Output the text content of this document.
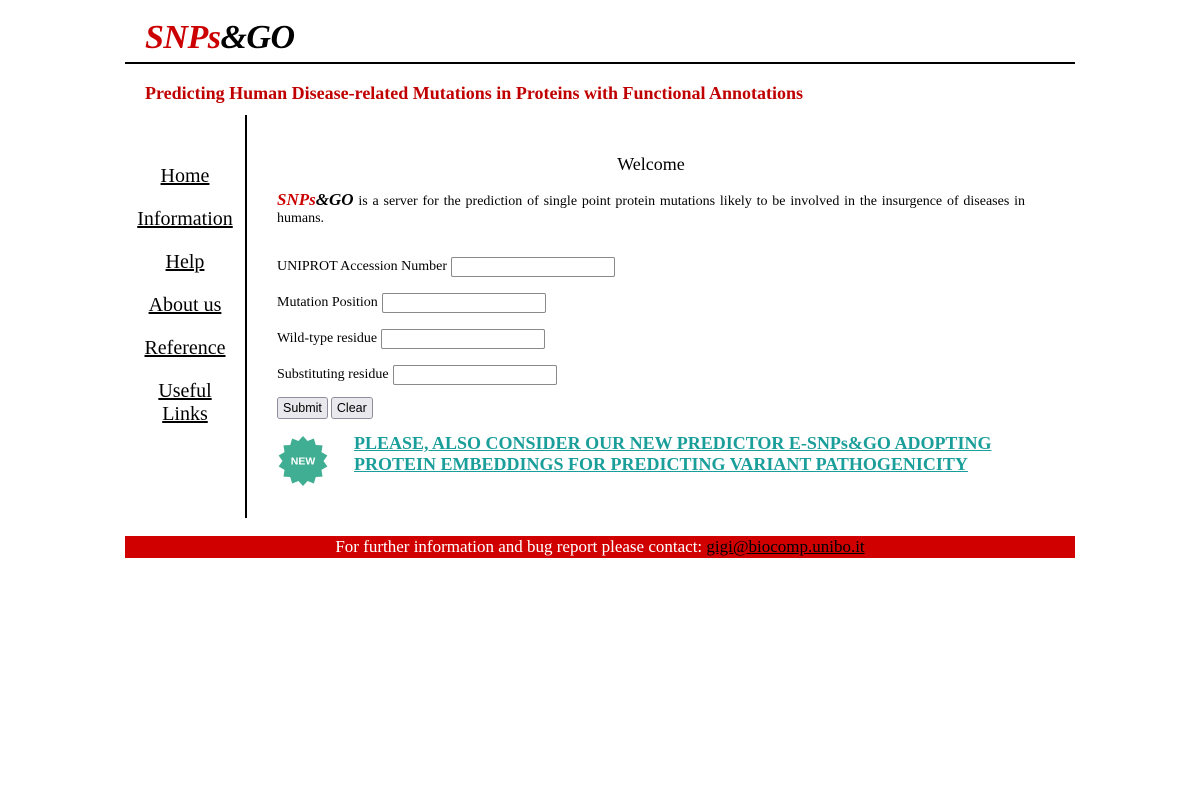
SNPs&GO
Predicting Human Disease-related Mutations in Proteins with Functional Annotations
Home
Information
Help
About us
Reference
Useful
Links
Welcome
SNPs&GO is a server for the prediction of single point protein mutations likely to be involved in the insurgence of diseases in humans.
UNIPROT Accession Number
Mutation Position
Wild-type residue
Substituting residue
Submit	Clear
NEW
PLEASE, ALSO CONSIDER OUR NEW PREDICTOR E-SNPs&GO ADOPTING PROTEIN EMBEDDINGS FOR PREDICTING VARIANT PATHOGENICITY
For further information and bug report please contact: gigi@biocomp.unibo.it
